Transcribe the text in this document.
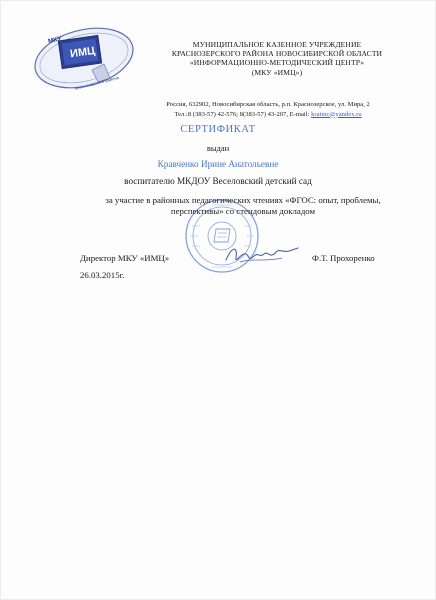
ИМЦ
МКУ
Краснозерского района
МУНИЦИПАЛЬНОЕ КАЗЕННОЕ УЧРЕЖДЕНИЕ
КРАСНОЗЕРСКОГО РАЙОНА НОВОСИБИРСКОЙ ОБЛАСТИ
«ИНФОРМАЦИОННО-МЕТОДИЧЕСКИЙ ЦЕНТР»
(МКУ «ИМЦ»)
Россия, 632902, Новосибирская область, р.п. Краснозерское, ул. Мира, 2
Тел.:8 (383-57) 42-576; 8(383-57) 43-207, E-mail: kraimc@yandex.ru
СЕРТИФИКАТ
выдан
Кравченко Ирине Анатольевне
воспитателю МКДОУ Веселовский детский сад
за участие в районных педагогических чтениях «ФГОС: опыт, проблемы,
перспективы» со стендовым докладом
Директор МКУ «ИМЦ»	Ф.Т. Прохоренко
26.03.2015г.
